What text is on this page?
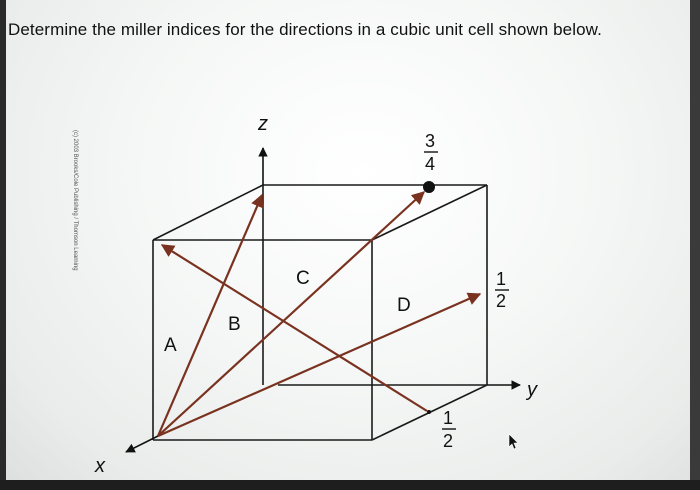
Determine the miller indices for the directions in a cubic unit cell shown below.
(c) 2003 Brooks/Cole Publishing / Thomson Learning
z
y
x
A
B
C
D
3
4
1
2
1
2
